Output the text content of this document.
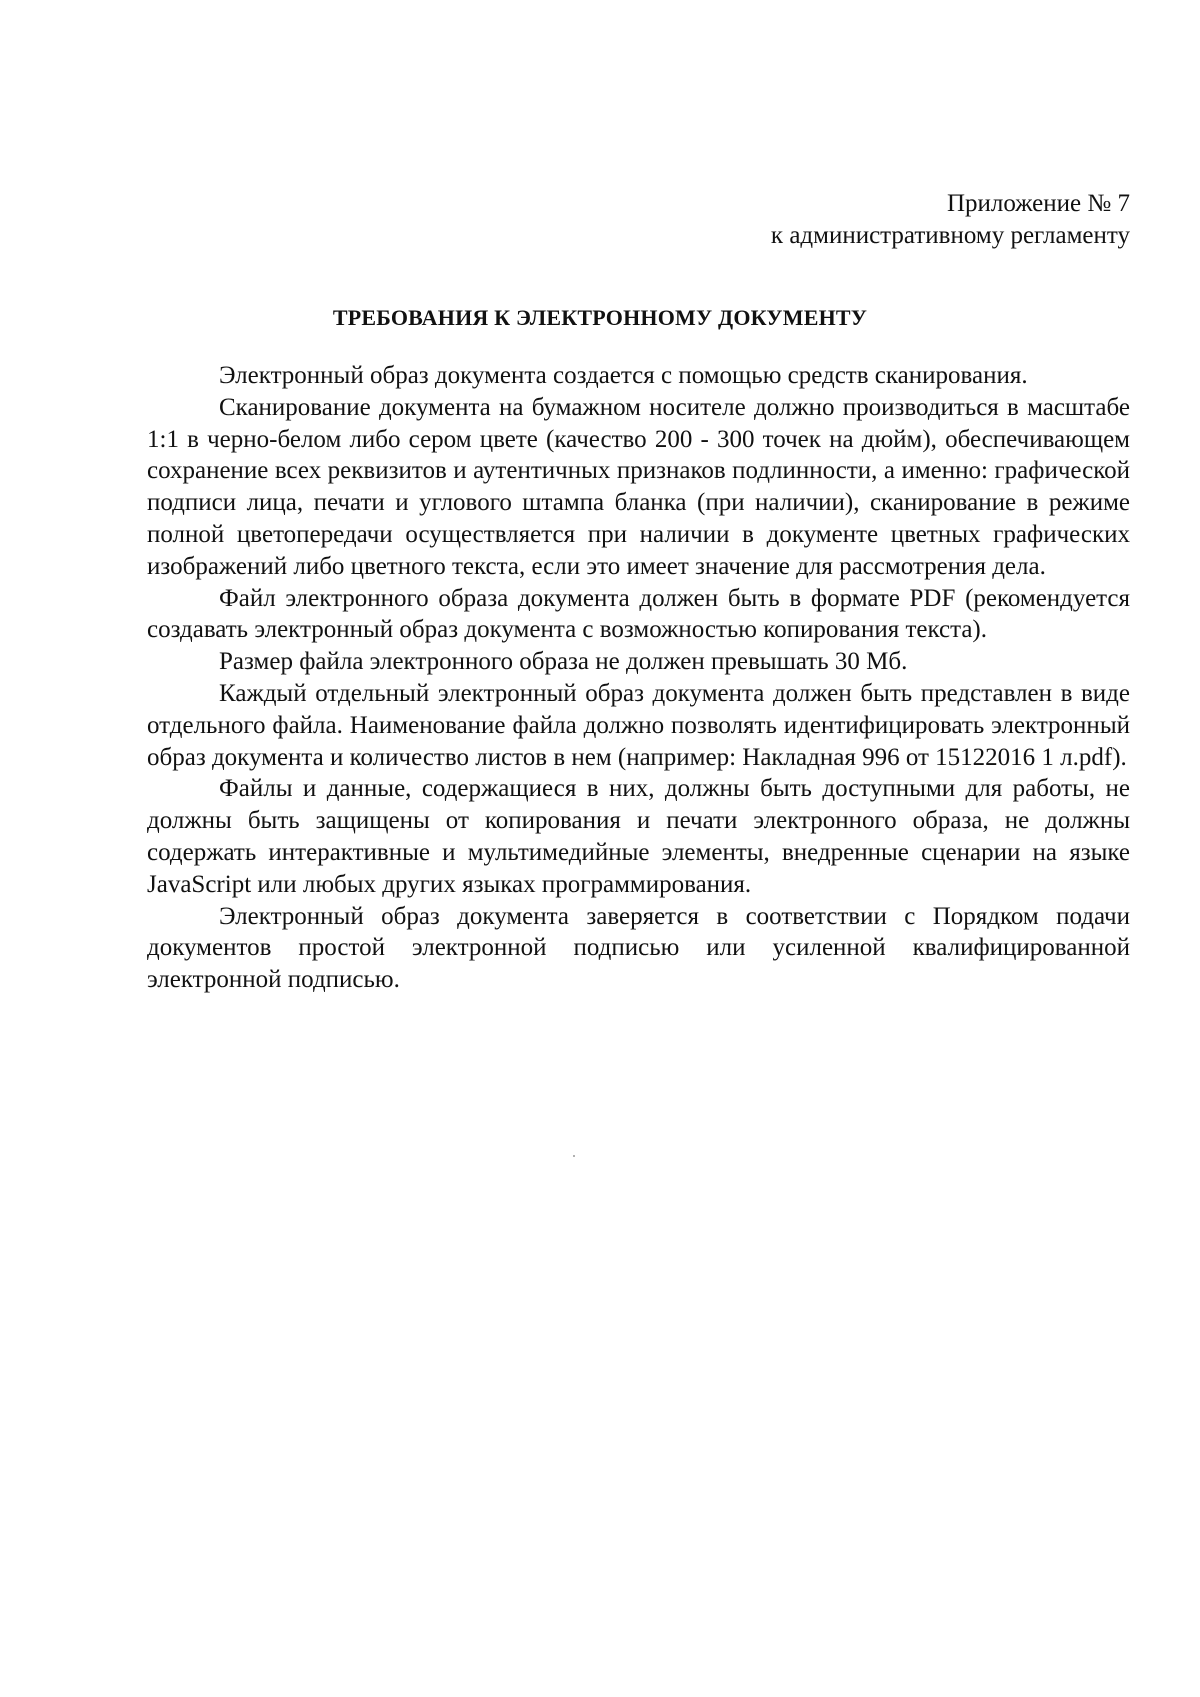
Приложение № 7
к административному регламенту
ТРЕБОВАНИЯ К ЭЛЕКТРОННОМУ ДОКУМЕНТУ

Электронный образ документа создается с помощью средств сканирования.

Сканирование документа на бумажном носителе должно производиться в масштабе 1:1 в черно-белом либо сером цвете (качество 200 - 300 точек на дюйм), обеспечивающем сохранение всех реквизитов и аутентичных признаков подлинности, а именно: графической подписи лица, печати и углового штампа бланка (при наличии), сканирование в режиме полной цветопередачи осуществляется при наличии в документе цветных графических изображений либо цветного текста, если это имеет значение для рассмотрения дела.

Файл электронного образа документа должен быть в формате PDF (рекомендуется создавать электронный образ документа с возможностью копирования текста).

Размер файла электронного образа не должен превышать 30 Мб.

Каждый отдельный электронный образ документа должен быть представлен в виде отдельного файла. Наименование файла должно позволять идентифицировать электронный образ документа и количество листов в нем (например: Накладная 996 от 15122016 1 л.pdf).

Файлы и данные, содержащиеся в них, должны быть доступными для работы, не должны быть защищены от копирования и печати электронного образа, не должны содержать интерактивные и мультимедийные элементы, внедренные сценарии на языке JavaScript или любых других языках программирования.

Электронный образ документа заверяется в соответствии с Порядком подачи документов простой электронной подписью или усиленной квалифицированной электронной подписью.
